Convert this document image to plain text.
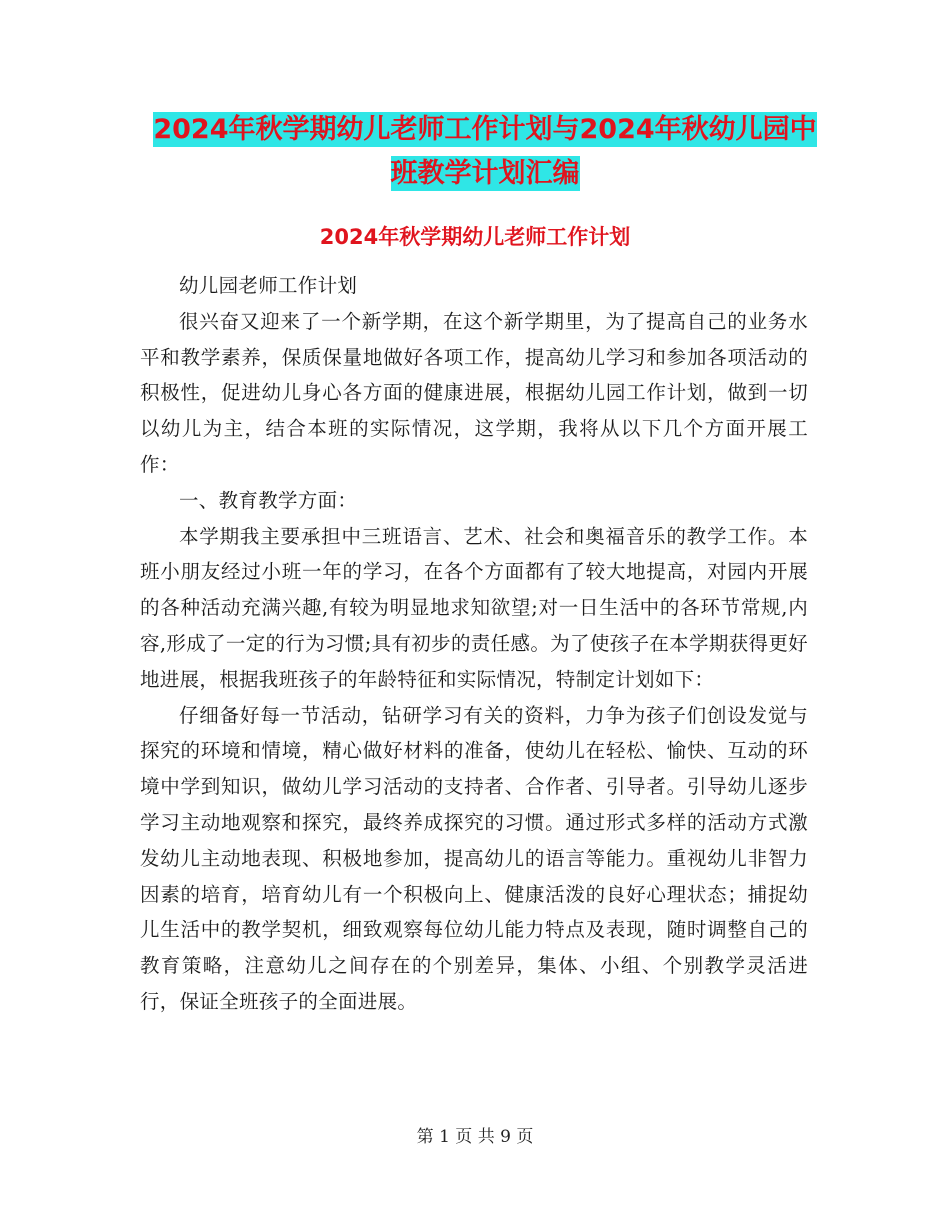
2024年秋学期幼儿老师工作计划与2024年秋幼儿园中
班教学计划汇编
2024年秋学期幼儿老师工作计划

幼儿园老师工作计划

很兴奋又迎来了一个新学期，在这个新学期里，为了提高自己的业务水平和教学素养，保质保量地做好各项工作，提高幼儿学习和参加各项活动的积极性，促进幼儿身心各方面的健康进展，根据幼儿园工作计划，做到一切以幼儿为主，结合本班的实际情况，这学期，我将从以下几个方面开展工作：

一、教育教学方面：

本学期我主要承担中三班语言、艺术、社会和奥福音乐的教学工作。本班小朋友经过小班一年的学习，在各个方面都有了较大地提高，对园内开展的各种活动充满兴趣,有较为明显地求知欲望;对一日生活中的各环节常规,内容,形成了一定的行为习惯;具有初步的责任感。为了使孩子在本学期获得更好地进展，根据我班孩子的年龄特征和实际情况，特制定计划如下：

仔细备好每一节活动，钻研学习有关的资料，力争为孩子们创设发觉与探究的环境和情境，精心做好材料的准备，使幼儿在轻松、愉快、互动的环境中学到知识，做幼儿学习活动的支持者、合作者、引导者。引导幼儿逐步学习主动地观察和探究，最终养成探究的习惯。通过形式多样的活动方式激发幼儿主动地表现、积极地参加，提高幼儿的语言等能力。重视幼儿非智力因素的培育，培育幼儿有一个积极向上、健康活泼的良好心理状态；捕捉幼儿生活中的教学契机，细致观察每位幼儿能力特点及表现，随时调整自己的教育策略，注意幼儿之间存在的个别差异，集体、小组、个别教学灵活进行，保证全班孩子的全面进展。

第 1 页 共 9 页
